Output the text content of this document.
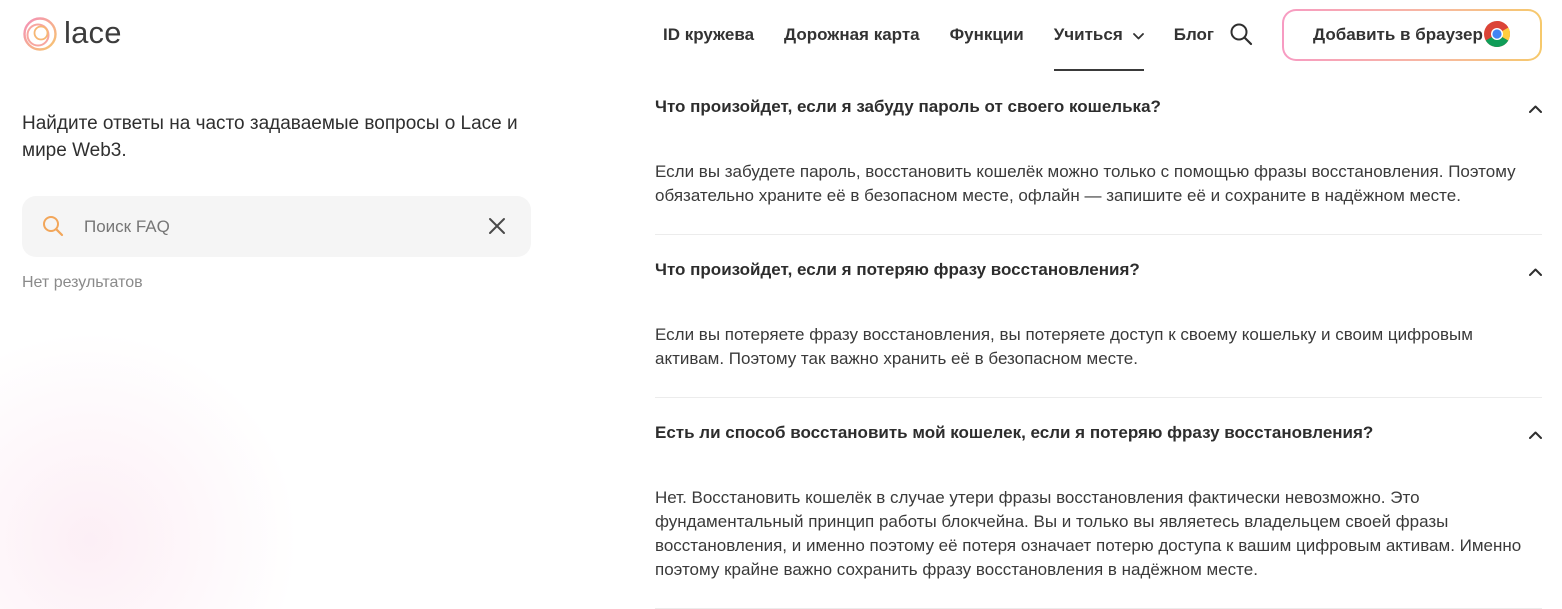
lace	ID кружева Дорожная карта Функции Учиться	Блог	Добавить в браузер

Найдите ответы на часто задаваемые вопросы о Lace и мире Web3.

Поиск FAQ
Нет результатов
Что произойдет, если я забуду пароль от своего кошелька?

Если вы забудете пароль, восстановить кошелёк можно только с помощью фразы восстановления. Поэтому обязательно храните её в безопасном месте, офлайн — запишите её и сохраните в надёжном месте.

Что произойдет, если я потеряю фразу восстановления?

Если вы потеряете фразу восстановления, вы потеряете доступ к своему кошельку и своим цифровым активам. Поэтому так важно хранить её в безопасном месте.

Есть ли способ восстановить мой кошелек, если я потеряю фразу восстановления?

Нет. Восстановить кошелёк в случае утери фразы восстановления фактически невозможно. Это фундаментальный принцип работы блокчейна. Вы и только вы являетесь владельцем своей фразы восстановления, и именно поэтому её потеря означает потерю доступа к вашим цифровым активам. Именно поэтому крайне важно сохранить фразу восстановления в надёжном месте.
